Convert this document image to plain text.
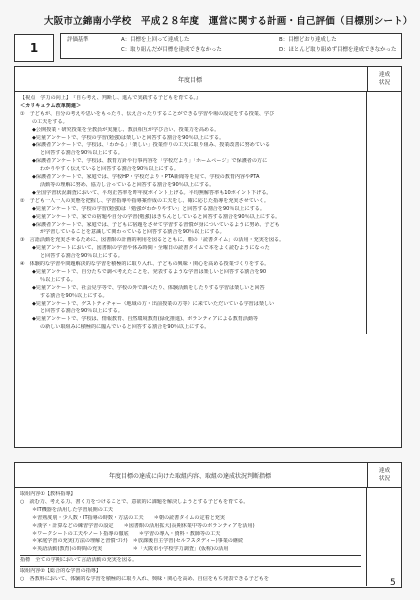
大阪市立錦南小学校　平成２８年度　運営に関する計画・自己評価（目標別シート）
1
評価基準	A：目標を上回って達成した	B：目標どおり達成した
C：取り組んだが目標を達成できなかった	D：ほとんど取り組めず目標を達成できなかった
年度目標
達成
状況
【視点　学力の向上】　『自ら考え、判断し、進んで実践する子どもを育てる。』
＜カリキュラム改革関連＞
①　子どもが、自分の考えや思いをもったり、伝え合ったりすることができる学習や場の設定をする授業、学び
の工夫をする。
◆公開授業・研究授業を全教員が実施し、教員相互が学び合い、授業力を高める。
◆児童アンケートで、学校の学習(勉強)は楽しいと回答する割合を90％以上にする。
◆保護者アンケートで、学校は、「わかる」「楽しい」授業作りの工夫に取り組み、授業改善に努めている
と回答する割合を90％以上にする。
◆保護者アンケートで、学校は、教育方針や行事内容を「学校だより」「ホームページ」で保護者の方に
わかりやすく伝えていると回答する割合を90％以上にする。
◆保護者アンケートで、家庭では、学校HP・学校だより・PTA新聞等を見て、学校の教育内容やPTA
活動等の理解に努め、協力し合っていると回答する割合を90％以上にする。
◆全国学習状況調査において、平均正答率を昨年度ポイント上げる。平均無解答率も10ポイント下げる。
②　子ども一人一人の実態を把握し、学習指導や指導案作成の工夫をし、確に応じた指導を充実させていく。
◆児童アンケートで、学校の学習(勉強)は「勉強がわかりやすい」と回答する割合を90％以上にする。
◆児童アンケートで、家での宿題や自分の学習(勉強)はきちんとしていると回答する割合を90％以上にする。
◆保護者アンケートで、家庭では、子どもに宿題をさせて学習する習慣が身についているように努め、子ども
が学習していることを意識して関わっていると回答する割合を90％以上にする。
③　言語活動を充実させるために、図書館の計画的利用を図るとともに、朝の「読書タイム」の活用・充実を図る。
◆児童アンケートにおいて、図書館の学習や休み時間・全曜日の読書タイムで本をよく読むようになった
と回答する割合を90％以上にする。
④　体験的な学習や問題解決的な学習を積極的に取り入れ、子どもの興味・関心を高める授業づくりをする。
◆児童アンケートで、自分たちで調べ考えたことを、発表するような学習は楽しいと回答する割合を90
％以上にする。
◆児童アンケートで、社会見学等で、学校の外で調べたり、体験活動をしたりする学習は楽しいと回答
する割合を90％以上にする。
◆児童アンケートで、ゲストティチャー（地域の方・出前授業の方等）に来ていただいている学習は楽しい
と回答する割合を90％以上にする。
◆児童アンケートで、学校は、情報教育、自然環境教育(緑化推進)、ボランティアによる教育活動等
の新しい取組みに積極的に臨んでいると回答する割合を90％以上にする。
年度目標の達成に向けた取組内容、取組の達成状況判断指標
達成
状況
取組内容①【教科指導】
○　読む力、考える力、書く力をつけることで、意欲的に課題を解決しようとする子どもを育てる。
＊IT機器を活用した学習展開の工夫
＊習熟度別・少人数・IT指導の時数・方法の工夫　　＊朝の読書タイムの定着と充実
＊漢字・計算などの練習学習の設定　　＊図書館の活用拡大(長期休業中等のボランティアを活用)
＊ワークシートの工夫やノート指導の徹底　　＊学習の導入・資料・教師等の工夫
＊家庭学習の充実(方法の理解と習慣づけ)　＊放課後自主学習(セルフスタディー)事業の継続
＊英語活動(教育)の時間の充実　　　　　　＊「大阪市小学校学力調査」(仮称)の活用
指標　全ての学期において言語活動の充実を図る。
取組内容②【総合的な学習の指導】
○　各教科において、体験的な学習を積極的に取り入れ、興味・関心を高め、自信をもち発表できる子どもを	5
